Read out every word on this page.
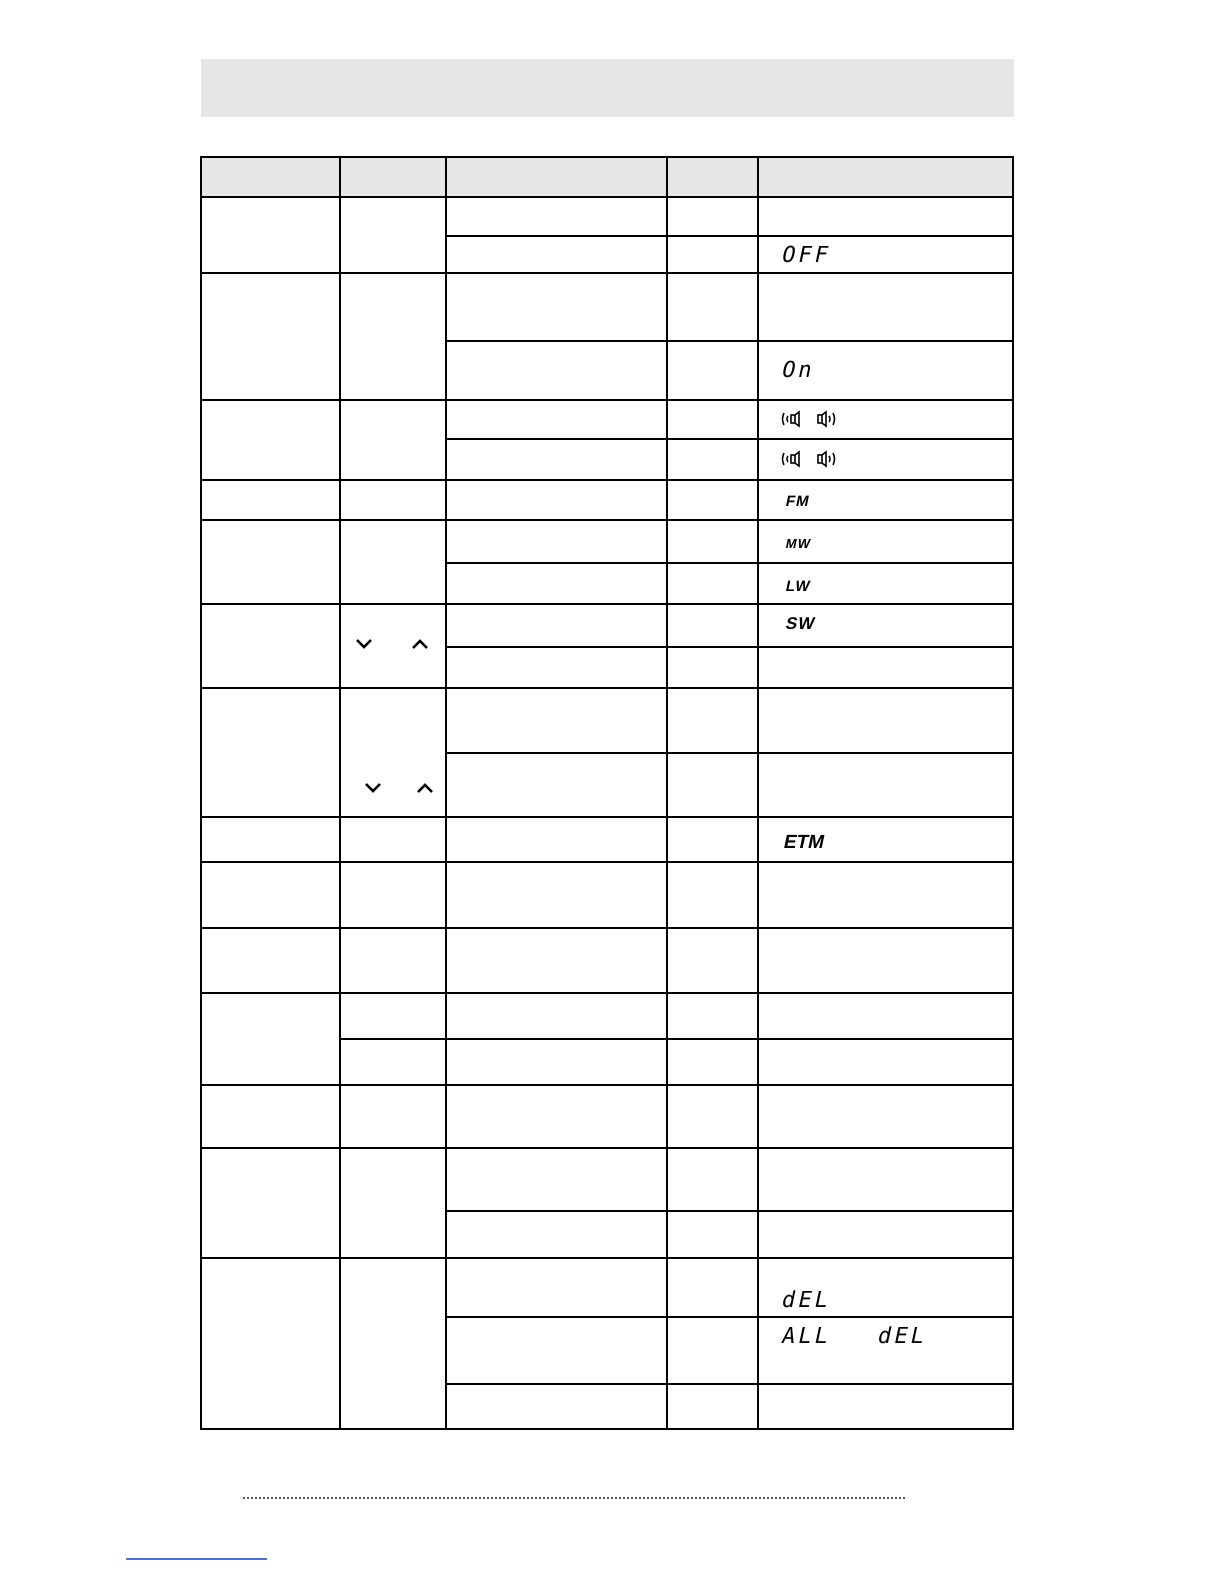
OFF
On
FM
MW
LW
SW
ETM
dEL
ALL dEL
